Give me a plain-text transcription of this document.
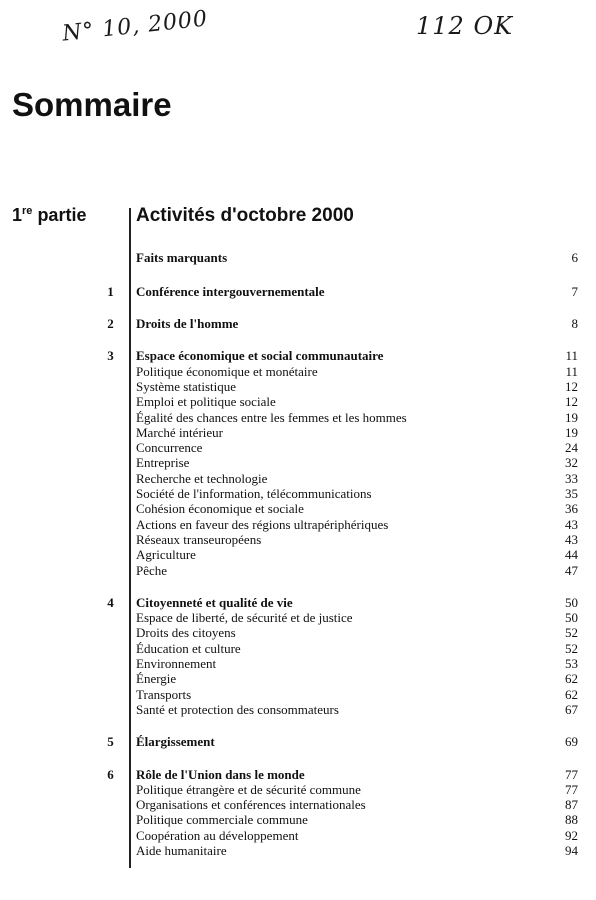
N° 10, 2000	112 OK
Sommaire
1re partie	Activités d'octobre 2000
Faits marquants	6
1	Conférence intergouvernementale	7
2	Droits de l'homme	8
3	Espace économique et social communautaire	11
Politique économique et monétaire	11
Système statistique	12
Emploi et politique sociale	12
Égalité des chances entre les femmes et les hommes	19
Marché intérieur	19
Concurrence	24
Entreprise	32
Recherche et technologie	33
Société de l'information, télécommunications	35
Cohésion économique et sociale	36
Actions en faveur des régions ultrapériphériques	43
Réseaux transeuropéens	43
Agriculture	44
Pêche	47
4	Citoyenneté et qualité de vie	50
Espace de liberté, de sécurité et de justice	50
Droits des citoyens	52
Éducation et culture	52
Environnement	53
Énergie	62
Transports	62
Santé et protection des consommateurs	67
5	Élargissement	69
6	Rôle de l'Union dans le monde	77
Politique étrangère et de sécurité commune	77
Organisations et conférences internationales	87
Politique commerciale commune	88
Coopération au développement	92
Aide humanitaire	94
